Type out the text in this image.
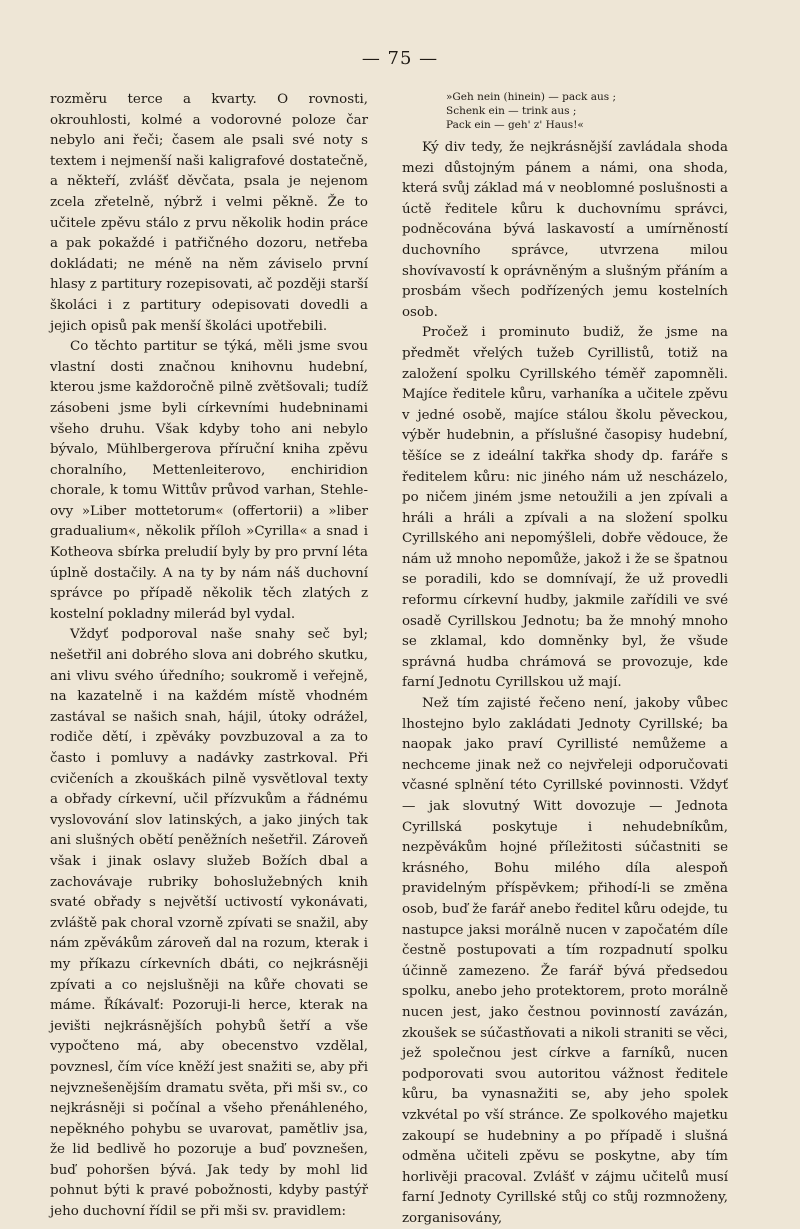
— 75 —

rozměru terce a kvarty. O rovnosti, okrouhlosti, kolmé a vodorovné poloze čar nebylo ani řeči; časem ale psali své noty s textem i nejmenší naši kaligrafové dostatečně, a někteří, zvlášť děvčata, psala je nejenom zcela zřetelně, nýbrž i velmi pěkně. Že to učitele zpěvu stálo z prvu několik hodin práce a pak pokaždé i patřičného dozoru, netřeba dokládati; ne méně na něm záviselo první hlasy z partitury rozepisovati, ač později starší školáci i z partitury odepisovati dovedli a jejich opisů pak menší školáci upotřebili.

Co těchto partitur se týká, měli jsme svou vlastní dosti značnou knihovnu hudební, kterou jsme každoročně pilně zvětšovali; tudíž zásobeni jsme byli církevními hudebninami všeho druhu. Však kdyby toho ani nebylo bývalo, Mühlbergerova příruční kniha zpěvu choralního, Mettenleiterovo, enchiridion chorale, k tomu Wittův průvod varhan, Stehle-ovy »Liber mottetorum« (offertorii) a »liber gradualium«, několik příloh »Cyrilla« a snad i Kotheova sbírka preludií byly by pro první léta úplně dostačily. A na ty by nám náš duchovní správce po případě několik těch zlatých z kostelní pokladny milerád byl vydal.

Vždyť podporoval naše snahy seč byl; nešetřil ani dobrého slova ani dobrého skutku, ani vlivu svého úředního; soukromě i veřejně, na kazatelně i na každém místě vhodném zastával se našich snah, hájil, útoky odrážel, rodiče dětí, i zpěváky povzbuzoval a za to často i pomluvy a nadávky zastrkoval. Při cvičeních a zkouškách pilně vysvětloval texty a obřady církevní, učil přízvukům a řádnému vyslovování slov latinských, a jako jiných tak ani slušných obětí peněžních nešetřil. Zároveň však i jinak oslavy služeb Božích dbal a zachovávaje rubriky bohoslužebných knih svaté obřady s největší uctivostí vykonávati, zvláště pak choral vzorně zpívati se snažil, aby nám zpěvákům zároveň dal na rozum, kterak i my příkazu církevních dbáti, co nejkrásněji zpívati a co nejslušněji na kůře chovati se máme. Říkávalť: Pozoruji-li herce, kterak na jevišti nejkrásnějších pohybů šetří a vše vypočteno má, aby obecenstvo vzdělal, povznesl, čím více kněží jest snažiti se, aby při nejvznešenějším dramatu světa, při mši sv., co nejkrásněji si počínal a všeho přenáhleného, nepěkného pohybu se uvarovat, pamětliv jsa, že lid bedlivě ho pozoruje a buď povznešen, buď pohoršen bývá. Jak tedy by mohl lid pohnut býti k pravé pobožnosti, kdyby pastýř jeho duchovní řídil se při mši sv. pravidlem:

»Geh nein (hinein) — pack aus ;
Schenk ein — trink aus ;
Pack ein — geh' z' Haus!«

Ký div tedy, že nejkrásnější zavládala shoda mezi důstojným pánem a námi, ona shoda, která svůj základ má v neoblomné poslušnosti a úctě ředitele kůru k duchovnímu správci, podněcována bývá laskavostí a umírněností duchovního správce, utvrzena milou shovívavostí k oprávněným a slušným přáním a prosbám všech podřízených jemu kostelních osob.

Pročež i prominuto budiž, že jsme na předmět vřelých tužeb Cyrillistů, totiž na založení spolku Cyrillského téměř zapomněli. Majíce ředitele kůru, varhaníka a učitele zpěvu v jedné osobě, majíce stálou školu pěveckou, výběr hudebnin, a příslušné časopisy hudební, těšíce se z ideální takřka shody dp. faráře s ředitelem kůru: nic jiného nám už nescházelo, po ničem jiném jsme netoužili a jen zpívali a hráli a hráli a zpívali a na složení spolku Cyrillského ani nepomýšleli, dobře vědouce, že nám už mnoho nepomůže, jakož i že se špatnou se poradili, kdo se domnívají, že už provedli reformu církevní hudby, jakmile zařídili ve své osadě Cyrillskou Jednotu; ba že mnohý mnoho se zklamal, kdo domněnky byl, že všude správná hudba chrámová se provozuje, kde farní Jednotu Cyrillskou už mají.

Než tím zajisté řečeno není, jakoby vůbec lhostejno bylo zakládati Jednoty Cyrillské; ba naopak jako praví Cyrillisté nemůžeme a nechceme jinak než co nejvřeleji odporučovati včasné splnění této Cyrillské povinnosti. Vždyť — jak slovutný Witt dovozuje — Jednota Cyrillská poskytuje i nehudebníkům, nezpěvákům hojné příležitosti súčastniti se krásného, Bohu milého díla alespoň pravidelným příspěvkem; přihodí-li se změna osob, buď že farář anebo ředitel kůru odejde, tu nastupce jaksi morálně nucen v započatém díle čestně postupovati a tím rozpadnutí spolku účinně zamezeno. Že farář bývá předsedou spolku, anebo jeho protektorem, proto morálně nucen jest, jako čestnou povinností zavázán, zkoušek se súčastňovati a nikoli straniti se věci, jež společnou jest církve a farníků, nucen podporovati svou autoritou vážnost ředitele kůru, ba vynasnažiti se, aby jeho spolek vzkvétal po vší stránce. Ze spolkového majetku zakoupí se hudebniny a po případě i slušná odměna učiteli zpěvu se poskytne, aby tím horlivěji pracoval. Zvlášť v zájmu učitelů musí farní Jednoty Cyrillské stůj co stůj rozmnoženy, zorganisovány,
